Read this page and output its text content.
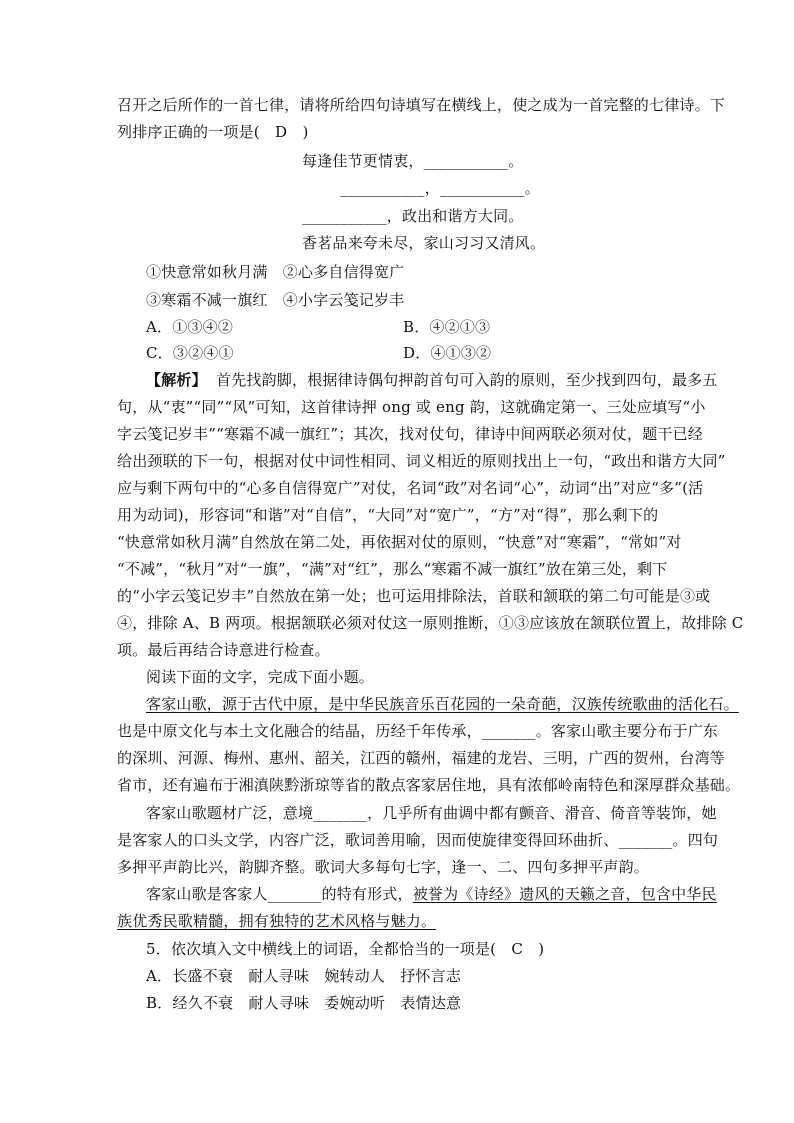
召开之后所作的一首七律，请将所给四句诗填写在横线上，使之成为一首完整的七律诗。下
列排序正确的一项是(　D　)
每逢佳节更情衷，___________。
___________，___________。
___________，政出和谐方大同。
香茗品来夸未尽，家山习习又清风。
①快意常如秋月满　②心多自信得宽广
③寒霜不减一旗红　④小字云笺记岁丰
A．①③④②	B．④②①③
C．③②④①	D．④①③②
【解析】 首先找韵脚，根据律诗偶句押韵首句可入韵的原则，至少找到四句，最多五
句，从“衷”“同”“风”可知，这首律诗押 ong 或 eng 韵，这就确定第一、三处应填写“小
字云笺记岁丰”“寒霜不减一旗红”；其次，找对仗句，律诗中间两联必须对仗，题干已经
给出颈联的下一句，根据对仗中词性相同、词义相近的原则找出上一句，“政出和谐方大同”
应与剩下两句中的“心多自信得宽广”对仗，名词“政”对名词“心”，动词“出”对应“多”(活
用为动词)，形容词“和谐”对“自信”，“大同”对“宽广”，“方”对“得”，那么剩下的
“快意常如秋月满”自然放在第二处，再依据对仗的原则，“快意”对“寒霜”，“常如”对
“不减”，“秋月”对“一旗”，“满”对“红”，那么“寒霜不减一旗红”放在第三处，剩下
的“小字云笺记岁丰”自然放在第一处；也可运用排除法，首联和颔联的第二句可能是③或
④，排除 A、B 两项。根据颔联必须对仗这一原则推断，①③应该放在颔联位置上，故排除 C
项。最后再结合诗意进行检查。
阅读下面的文字，完成下面小题。
客家山歌，源于古代中原，是中华民族音乐百花园的一朵奇葩，汉族传统歌曲的活化石。
也是中原文化与本土文化融合的结晶，历经千年传承，_______。客家山歌主要分布于广东
的深圳、河源、梅州、惠州、韶关，江西的赣州，福建的龙岩、三明，广西的贺州，台湾等
省市，还有遍布于湘滇陕黔浙琼等省的散点客家居住地，具有浓郁岭南特色和深厚群众基础。
客家山歌题材广泛，意境_______，几乎所有曲调中都有颤音、滑音、倚音等装饰，她
是客家人的口头文学，内容广泛，歌词善用喻，因而使旋律变得回环曲折、_______。四句
多押平声韵比兴，韵脚齐整。歌词大多每句七字，逢一、二、四句多押平声韵。
客家山歌是客家人_______的特有形式，被誉为《诗经》遗风的天籁之音，包含中华民
族优秀民歌精髓，拥有独特的艺术风格与魅力。
5．依次填入文中横线上的词语，全都恰当的一项是(　C　)
A．长盛不衰　耐人寻味　婉转动人　抒怀言志
B．经久不衰　耐人寻味　委婉动听　表情达意
